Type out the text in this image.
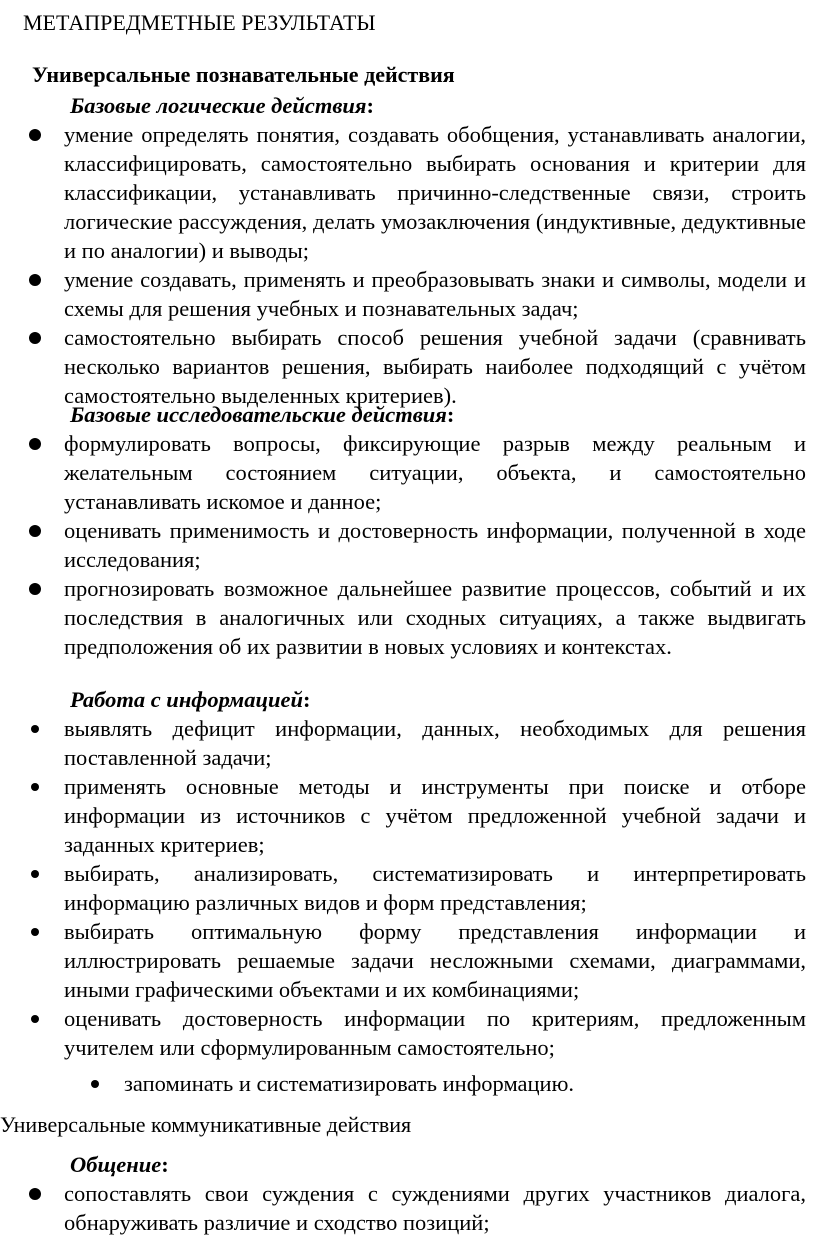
МЕТАПРЕДМЕТНЫЕ РЕЗУЛЬТАТЫ
Универсальные познавательные действия
Базовые логические действия:
умение определять понятия, создавать обобщения, устанавливать аналогии, классифицировать, самостоятельно выбирать основания и критерии для классификации, устанавливать причинно-следственные связи, строить логические рассуждения, делать умозаключения (индуктивные, дедуктивные и по аналогии) и выводы;
умение создавать, применять и преобразовывать знаки и символы, модели и схемы для решения учебных и познавательных задач;
самостоятельно выбирать способ решения учебной задачи (сравнивать несколько вариантов решения, выбирать наиболее подходящий с учётом самостоятельно выделенных критериев).
Базовые исследовательские действия:
формулировать вопросы, фиксирующие разрыв между реальным и желательным состоянием ситуации, объекта, и самостоятельно устанавливать искомое и данное;
оценивать применимость и достоверность информации, полученной в ходе исследования;
прогнозировать возможное дальнейшее развитие процессов, событий и их последствия в аналогичных или сходных ситуациях, а также выдвигать предположения об их развитии в новых условиях и контекстах.
Работа с информацией:
выявлять дефицит информации, данных, необходимых для решения поставленной задачи;
применять основные методы и инструменты при поиске и отборе информации из источников с учётом предложенной учебной задачи и заданных критериев;
выбирать, анализировать, систематизировать и интерпретировать информацию различных видов и форм представления;
выбирать оптимальную форму представления информации и иллюстрировать решаемые задачи несложными схемами, диаграммами, иными графическими объектами и их комбинациями;
оценивать достоверность информации по критериям, предложенным учителем или сформулированным самостоятельно;
запоминать и систематизировать информацию.
Универсальные коммуникативные действия
Общение:
сопоставлять свои суждения с суждениями других участников диалога, обнаруживать различие и сходство позиций;
